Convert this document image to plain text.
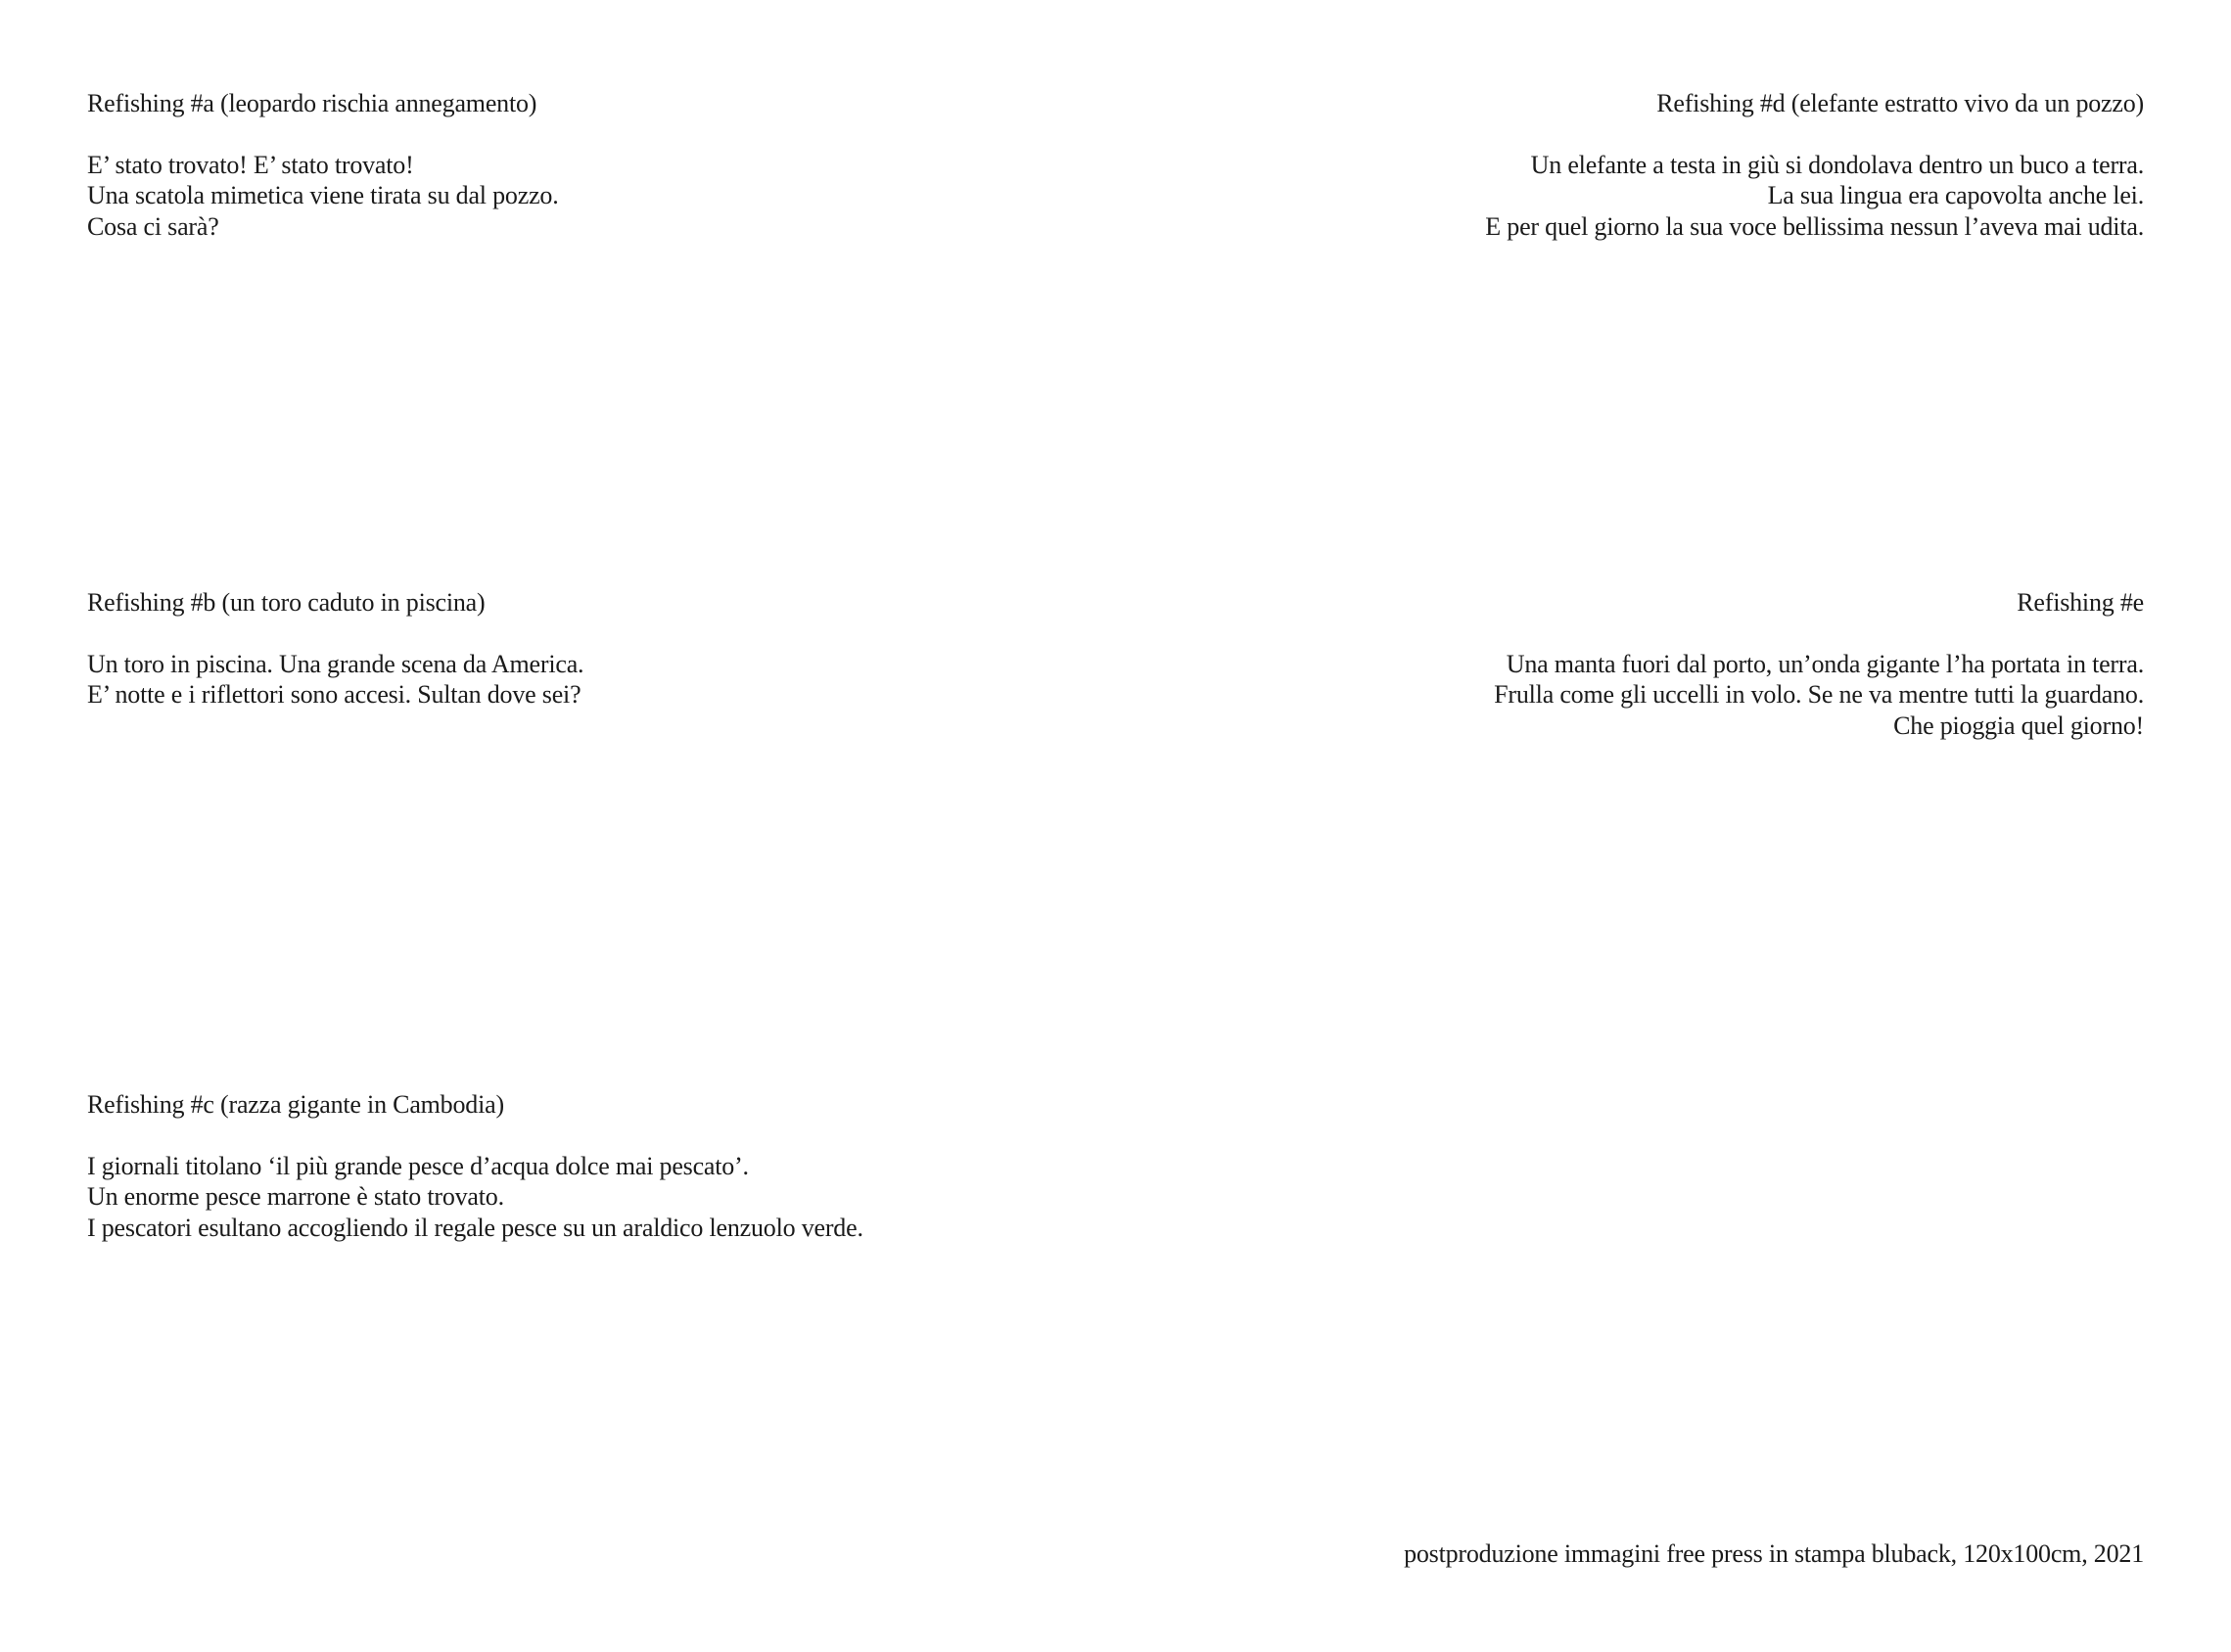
Refishing #a (leopardo rischia annegamento)
E’ stato trovato! E’ stato trovato!
Una scatola mimetica viene tirata su dal pozzo.
Cosa ci sarà?
Refishing #d (elefante estratto vivo da un pozzo)
Un elefante a testa in giù si dondolava dentro un buco a terra.
La sua lingua era capovolta anche lei.
E per quel giorno la sua voce bellissima nessun l’aveva mai udita.
Refishing #b (un toro caduto in piscina)
Un toro in piscina. Una grande scena da America.
E’ notte e i riflettori sono accesi. Sultan dove sei?
Refishing #e
Una manta fuori dal porto, un’onda gigante l’ha portata in terra.
Frulla come gli uccelli in volo. Se ne va mentre tutti la guardano.
Che pioggia quel giorno!
Refishing #c (razza gigante in Cambodia)
I giornali titolano ‘il più grande pesce d’acqua dolce mai pescato’.
Un enorme pesce marrone è stato trovato.
I pescatori esultano accogliendo il regale pesce su un araldico lenzuolo verde.
postproduzione immagini free press in stampa bluback, 120x100cm, 2021
